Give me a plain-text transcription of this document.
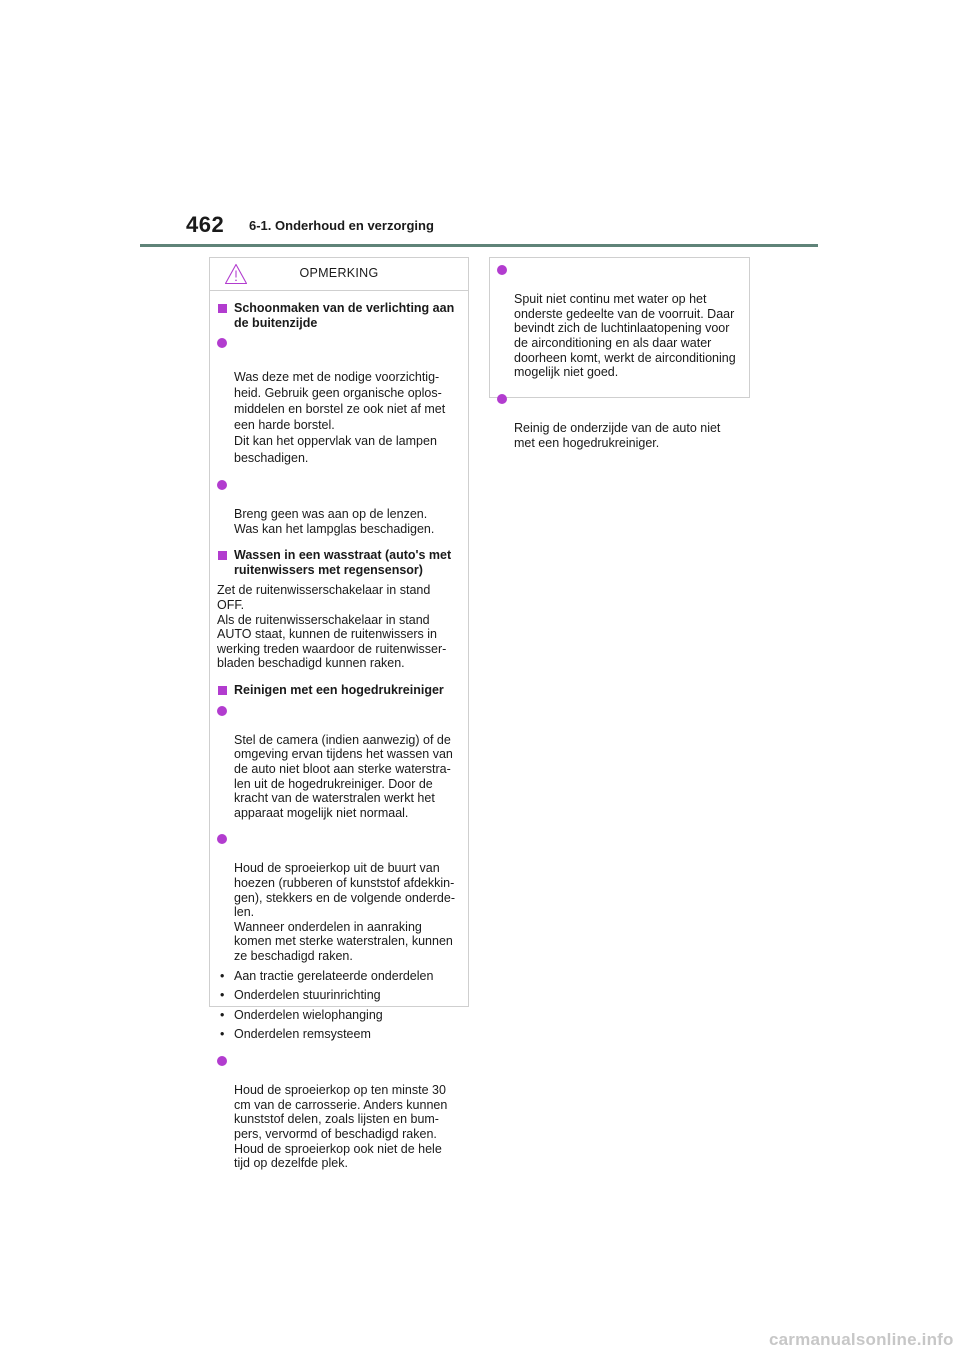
462 6-1. Onderhoud en verzorging
OPMERKING
Schoonmaken van de verlichting aan de buitenzijde

Was deze met de nodige voorzichtig-
heid. Gebruik geen organische oplos-
middelen en borstel ze ook niet af met
een harde borstel.
Dit kan het oppervlak van de lampen
beschadigen.

Breng geen was aan op de lenzen.
Was kan het lampglas beschadigen.

Wassen in een wasstraat (auto's met ruitenwissers met regensensor)
Zet de ruitenwisserschakelaar in stand
OFF.
Als de ruitenwisserschakelaar in stand
AUTO staat, kunnen de ruitenwissers in
werking treden waardoor de ruitenwisser-
bladen beschadigd kunnen raken.
Reinigen met een hogedrukreiniger

Stel de camera (indien aanwezig) of de
omgeving ervan tijdens het wassen van
de auto niet bloot aan sterke waterstra-
len uit de hogedrukreiniger. Door de
kracht van de waterstralen werkt het
apparaat mogelijk niet normaal.

Houd de sproeierkop uit de buurt van
hoezen (rubberen of kunststof afdekkin-
gen), stekkers en de volgende onderde-
len.
Wanneer onderdelen in aanraking
komen met sterke waterstralen, kunnen
ze beschadigd raken.

• Aan tractie gerelateerde onderdelen
• Onderdelen stuurinrichting
• Onderdelen wielophanging
• Onderdelen remsysteem

Houd de sproeierkop op ten minste 30
cm van de carrosserie. Anders kunnen
kunststof delen, zoals lijsten en bum-
pers, vervormd of beschadigd raken.
Houd de sproeierkop ook niet de hele
tijd op dezelfde plek.

Spuit niet continu met water op het
onderste gedeelte van de voorruit. Daar
bevindt zich de luchtinlaatopening voor
de airconditioning en als daar water
doorheen komt, werkt de airconditioning
mogelijk niet goed.

Reinig de onderzijde van de auto niet
met een hogedrukreiniger.

carmanualsonline.info
